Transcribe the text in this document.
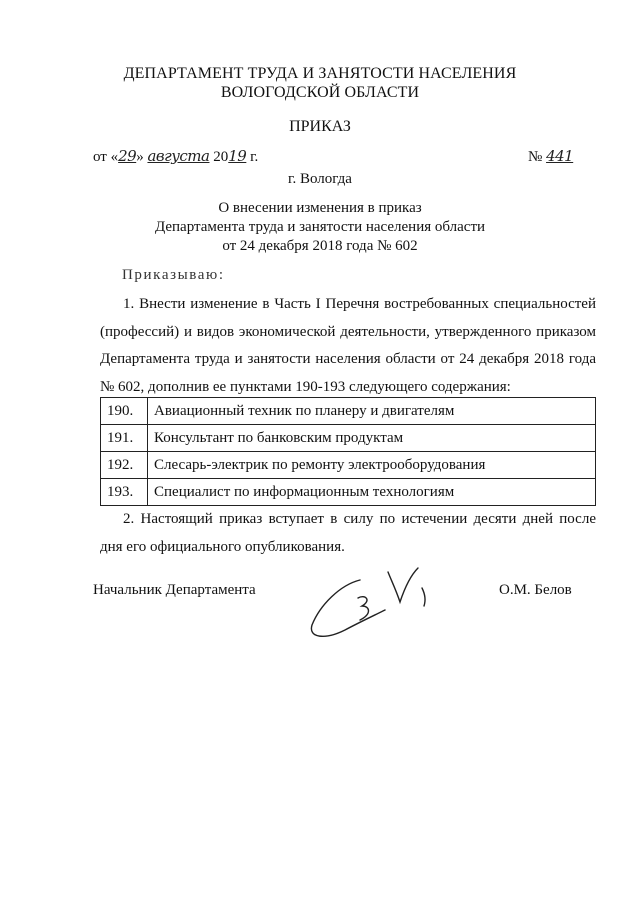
ДЕПАРТАМЕНТ ТРУДА И ЗАНЯТОСТИ НАСЕЛЕНИЯ
ВОЛОГОДСКОЙ ОБЛАСТИ
ПРИКАЗ
от «29» августа 2019 г.	№ 441
г. Вологда
О внесении изменения в приказ
Департамента труда и занятости населения области
от 24 декабря 2018 года № 602
Приказываю:
1. Внести изменение в Часть I Перечня востребованных специальностей (профессий) и видов экономической деятельности, утвержденного приказом Департамента труда и занятости населения области от 24 декабря 2018 года № 602, дополнив ее пунктами 190-193 следующего содержания:
190.	Авиационный техник по планеру и двигателям
191.	Консультант по банковским продуктам
192.	Слесарь-электрик по ремонту электрооборудования
193.	Специалист по информационным технологиям
2. Настоящий приказ вступает в силу по истечении десяти дней после дня его официального опубликования.
Начальник Департамента	О.М. Белов
